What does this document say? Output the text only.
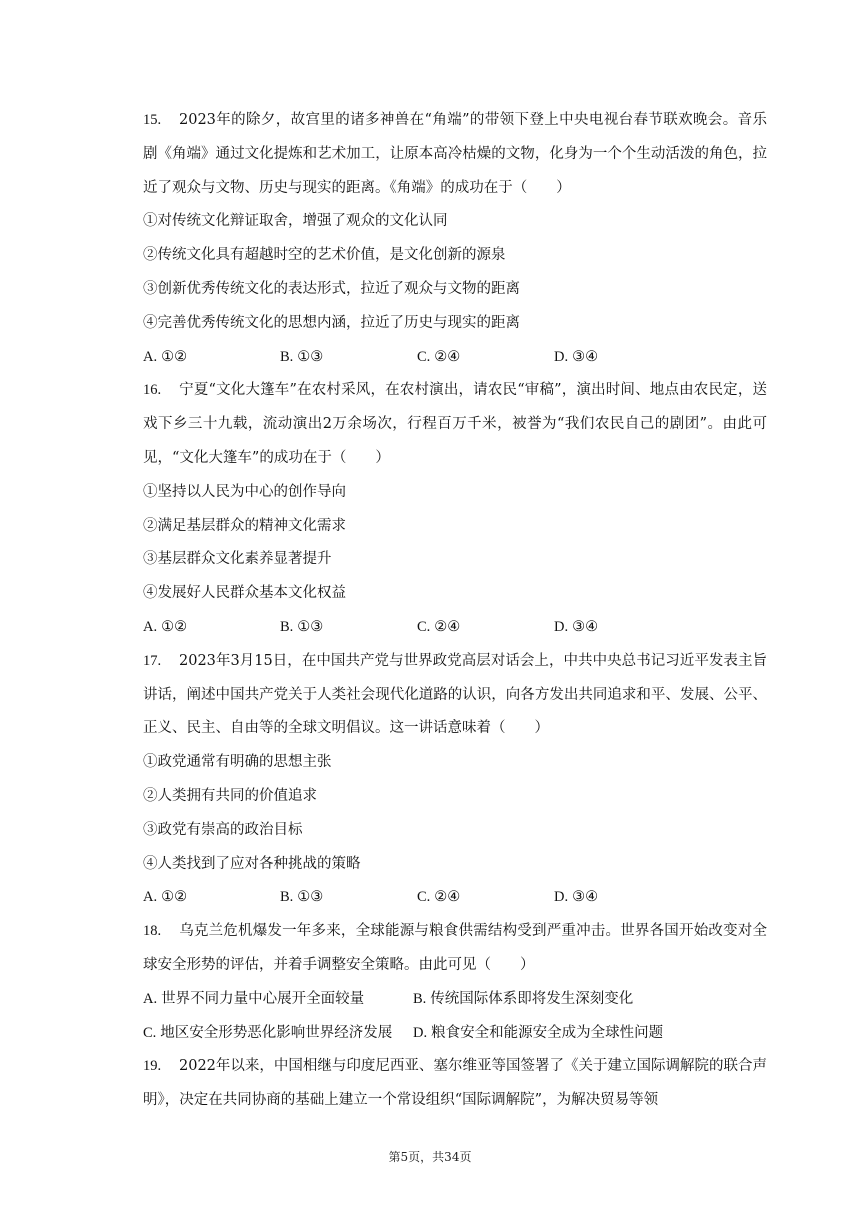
15. 2023年的除夕，故宫里的诸多神兽在“角端”的带领下登上中央电视台春节联欢晚会。音乐剧《角端》通过文化提炼和艺术加工，让原本高冷枯燥的文物，化身为一个个生动活泼的角色，拉近了观众与文物、历史与现实的距离。《角端》的成功在于（　　）

①对传统文化辩证取舍，增强了观众的文化认同

②传统文化具有超越时空的艺术价值，是文化创新的源泉

③创新优秀传统文化的表达形式，拉近了观众与文物的距离

④完善优秀传统文化的思想内涵，拉近了历史与现实的距离

A. ①②	B. ①③	C. ②④	D. ③④

16. 宁夏“文化大篷车”在农村采风，在农村演出，请农民“审稿”，演出时间、地点由农民定，送戏下乡三十九载，流动演出2万余场次，行程百万千米，被誉为“我们农民自己的剧团”。由此可见，“文化大篷车”的成功在于（　　）

①坚持以人民为中心的创作导向

②满足基层群众的精神文化需求

③基层群众文化素养显著提升

④发展好人民群众基本文化权益

A. ①②	B. ①③	C. ②④	D. ③④

17. 2023年3月15日，在中国共产党与世界政党高层对话会上，中共中央总书记习近平发表主旨讲话，阐述中国共产党关于人类社会现代化道路的认识，向各方发出共同追求和平、发展、公平、正义、民主、自由等的全球文明倡议。这一讲话意味着（　　）

①政党通常有明确的思想主张

②人类拥有共同的价值追求

③政党有崇高的政治目标

④人类找到了应对各种挑战的策略

A. ①②	B. ①③	C. ②④	D. ③④

18. 乌克兰危机爆发一年多来，全球能源与粮食供需结构受到严重冲击。世界各国开始改变对全球安全形势的评估，并着手调整安全策略。由此可见（　　）

A. 世界不同力量中心展开全面较量	B. 传统国际体系即将发生深刻变化
C. 地区安全形势恶化影响世界经济发展	D. 粮食安全和能源安全成为全球性问题

19. 2022年以来，中国相继与印度尼西亚、塞尔维亚等国签署了《关于建立国际调解院的联合声明》，决定在共同协商的基础上建立一个常设组织“国际调解院”，为解决贸易等领

第5页，共34页
